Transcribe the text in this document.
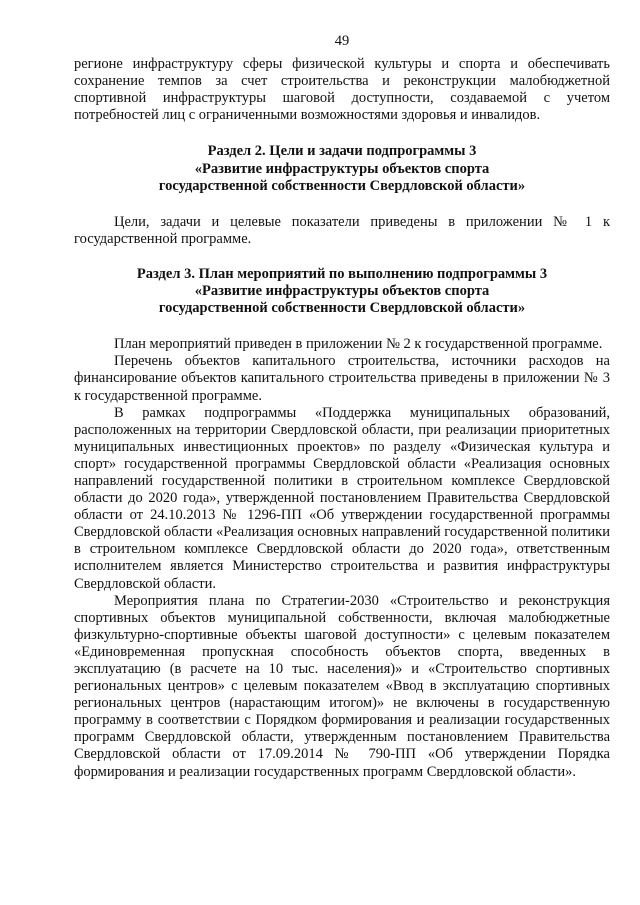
49

регионе инфраструктуру сферы физической культуры и спорта и обеспечивать сохранение темпов за счет строительства и реконструкции малобюджетной спортивной инфраструктуры шаговой доступности, создаваемой с учетом потребностей лиц с ограниченными возможностями здоровья и инвалидов.

Раздел 2. Цели и задачи подпрограммы 3
«Развитие инфраструктуры объектов спорта
государственной собственности Свердловской области»

Цели, задачи и целевые показатели приведены в приложении № 1 к государственной программе.

Раздел 3. План мероприятий по выполнению подпрограммы 3
«Развитие инфраструктуры объектов спорта
государственной собственности Свердловской области»

План мероприятий приведен в приложении № 2 к государственной программе.

Перечень объектов капитального строительства, источники расходов на финансирование объектов капитального строительства приведены в приложении № 3 к государственной программе.

В рамках подпрограммы «Поддержка муниципальных образований, расположенных на территории Свердловской области, при реализации приоритетных муниципальных инвестиционных проектов» по разделу «Физическая культура и спорт» государственной программы Свердловской области «Реализация основных направлений государственной политики в строительном комплексе Свердловской области до 2020 года», утвержденной постановлением Правительства Свердловской области от 24.10.2013 № 1296-ПП «Об утверждении государственной программы Свердловской области «Реализация основных направлений государственной политики в строительном комплексе Свердловской области до 2020 года», ответственным исполнителем является Министерство строительства и развития инфраструктуры Свердловской области.

Мероприятия плана по Стратегии-2030 «Строительство и реконструкция спортивных объектов муниципальной собственности, включая малобюджетные физкультурно-спортивные объекты шаговой доступности» с целевым показателем «Единовременная пропускная способность объектов спорта, введенных в эксплуатацию (в расчете на 10 тыс. населения)» и «Строительство спортивных региональных центров» с целевым показателем «Ввод в эксплуатацию спортивных региональных центров (нарастающим итогом)» не включены в государственную программу в соответствии с Порядком формирования и реализации государственных программ Свердловской области, утвержденным постановлением Правительства Свердловской области от 17.09.2014 № 790-ПП «Об утверждении Порядка формирования и реализации государственных программ Свердловской области».
